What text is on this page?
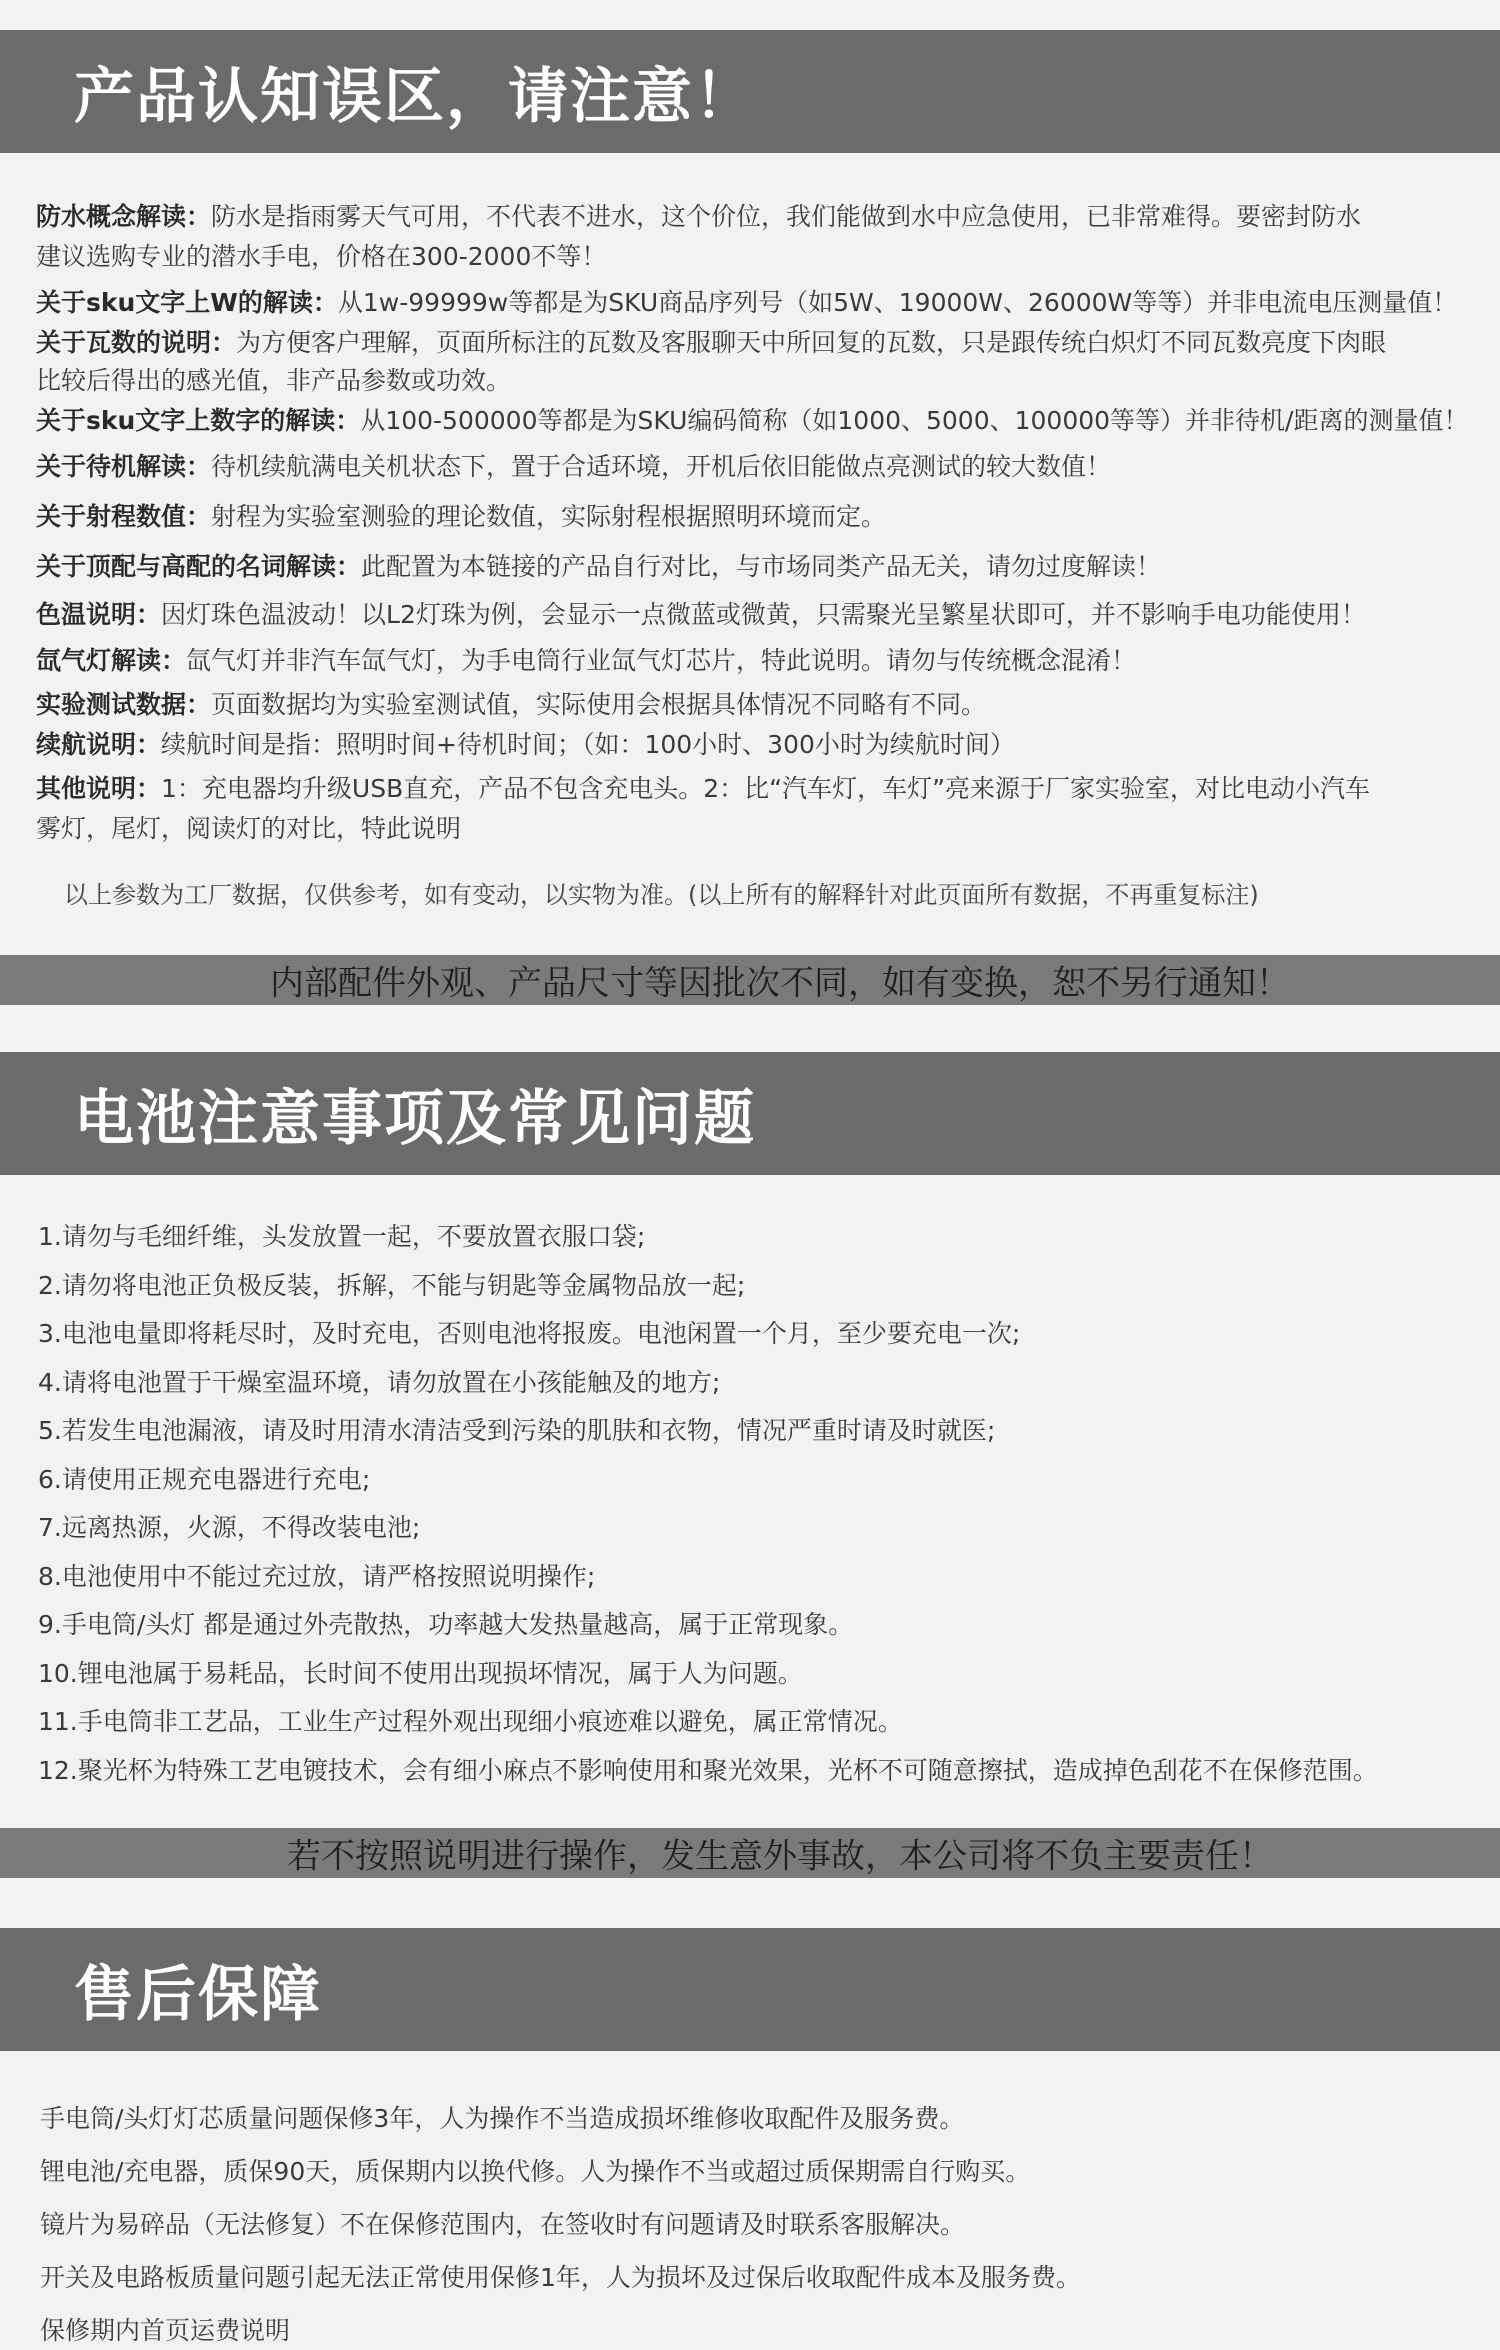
产品认知误区，请注意！
防水概念解读：防水是指雨雾天气可用，不代表不进水，这个价位，我们能做到水中应急使用，已非常难得。要密封防水
建议选购专业的潜水手电，价格在300-2000不等！
关于sku文字上W的解读：从1w-99999w等都是为SKU商品序列号（如5W、19000W、26000W等等）并非电流电压测量值！
关于瓦数的说明：为方便客户理解，页面所标注的瓦数及客服聊天中所回复的瓦数，只是跟传统白炽灯不同瓦数亮度下肉眼
比较后得出的感光值，非产品参数或功效。
关于sku文字上数字的解读：从100-500000等都是为SKU编码简称（如1000、5000、100000等等）并非待机/距离的测量值！
关于待机解读：待机续航满电关机状态下，置于合适环境，开机后依旧能做点亮测试的较大数值！
关于射程数值：射程为实验室测验的理论数值，实际射程根据照明环境而定。
关于顶配与高配的名词解读：此配置为本链接的产品自行对比，与市场同类产品无关，请勿过度解读！
色温说明：因灯珠色温波动！以L2灯珠为例，会显示一点微蓝或微黄，只需聚光呈繁星状即可，并不影响手电功能使用！
氙气灯解读：氙气灯并非汽车氙气灯，为手电筒行业氙气灯芯片，特此说明。请勿与传统概念混淆！
实验测试数据：页面数据均为实验室测试值，实际使用会根据具体情况不同略有不同。
续航说明：续航时间是指：照明时间+待机时间；（如：100小时、300小时为续航时间）
其他说明：1：充电器均升级USB直充，产品不包含充电头。2：比“汽车灯，车灯”亮来源于厂家实验室，对比电动小汽车
雾灯，尾灯，阅读灯的对比，特此说明
以上参数为工厂数据，仅供参考，如有变动，以实物为准。(以上所有的解释针对此页面所有数据，不再重复标注)
内部配件外观、产品尺寸等因批次不同，如有变换，恕不另行通知！
电池注意事项及常见问题
1.请勿与毛细纤维，头发放置一起，不要放置衣服口袋;
2.请勿将电池正负极反装，拆解，不能与钥匙等金属物品放一起;
3.电池电量即将耗尽时，及时充电，否则电池将报废。电池闲置一个月，至少要充电一次;
4.请将电池置于干燥室温环境，请勿放置在小孩能触及的地方;
5.若发生电池漏液，请及时用清水清洁受到污染的肌肤和衣物，情况严重时请及时就医;
6.请使用正规充电器进行充电;
7.远离热源，火源，不得改装电池;
8.电池使用中不能过充过放，请严格按照说明操作;
9.手电筒/头灯 都是通过外壳散热，功率越大发热量越高，属于正常现象。
10.锂电池属于易耗品，长时间不使用出现损坏情况，属于人为问题。
11.手电筒非工艺品，工业生产过程外观出现细小痕迹难以避免，属正常情况。
12.聚光杯为特殊工艺电镀技术，会有细小麻点不影响使用和聚光效果，光杯不可随意擦拭，造成掉色刮花不在保修范围。
若不按照说明进行操作，发生意外事故，本公司将不负主要责任！
售后保障
手电筒/头灯灯芯质量问题保修3年，人为操作不当造成损坏维修收取配件及服务费。
锂电池/充电器，质保90天，质保期内以换代修。人为操作不当或超过质保期需自行购买。
镜片为易碎品（无法修复）不在保修范围内，在签收时有问题请及时联系客服解决。
开关及电路板质量问题引起无法正常使用保修1年，人为损坏及过保后收取配件成本及服务费。
保修期内首页运费说明
